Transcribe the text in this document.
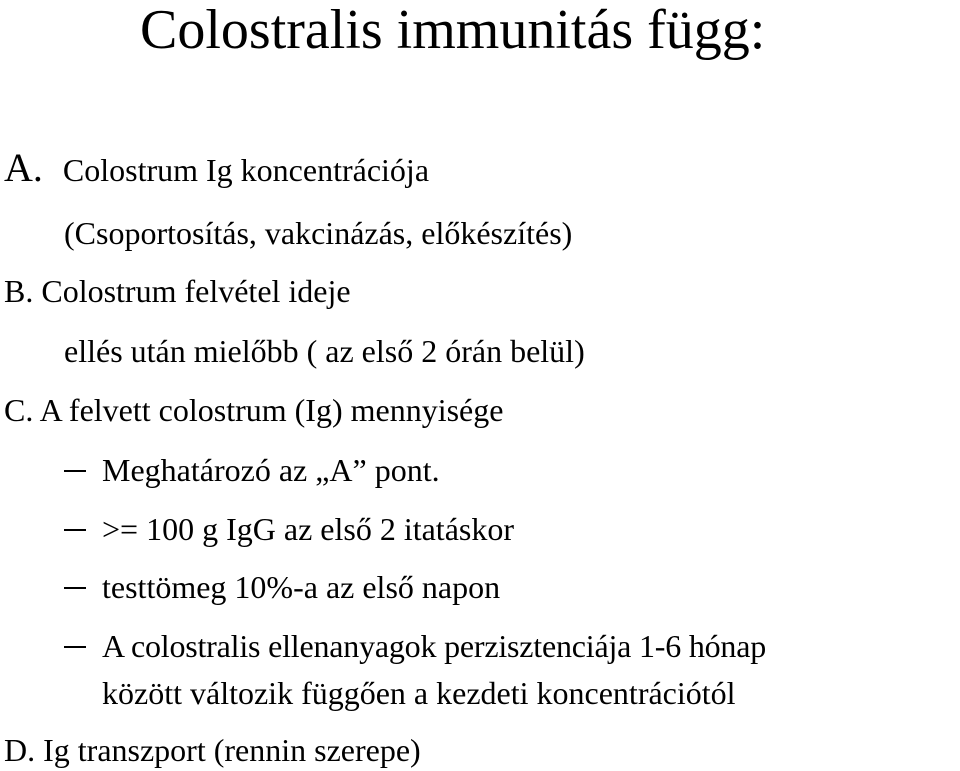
Colostralis immunitás függ:
A. Colostrum Ig koncentrációja
(Csoportosítás, vakcinázás, előkészítés)
B. Colostrum felvétel ideje
ellés után mielőbb ( az első 2 órán belül)
C. A felvett colostrum (Ig) mennyisége
Meghatározó az „A” pont.
>= 100 g IgG az első 2 itatáskor
testtömeg 10%-a az első napon
A colostralis ellenanyagok perzisztenciája 1-6 hónap
között változik függően a kezdeti koncentrációtól
D. Ig transzport (rennin szerepe)
